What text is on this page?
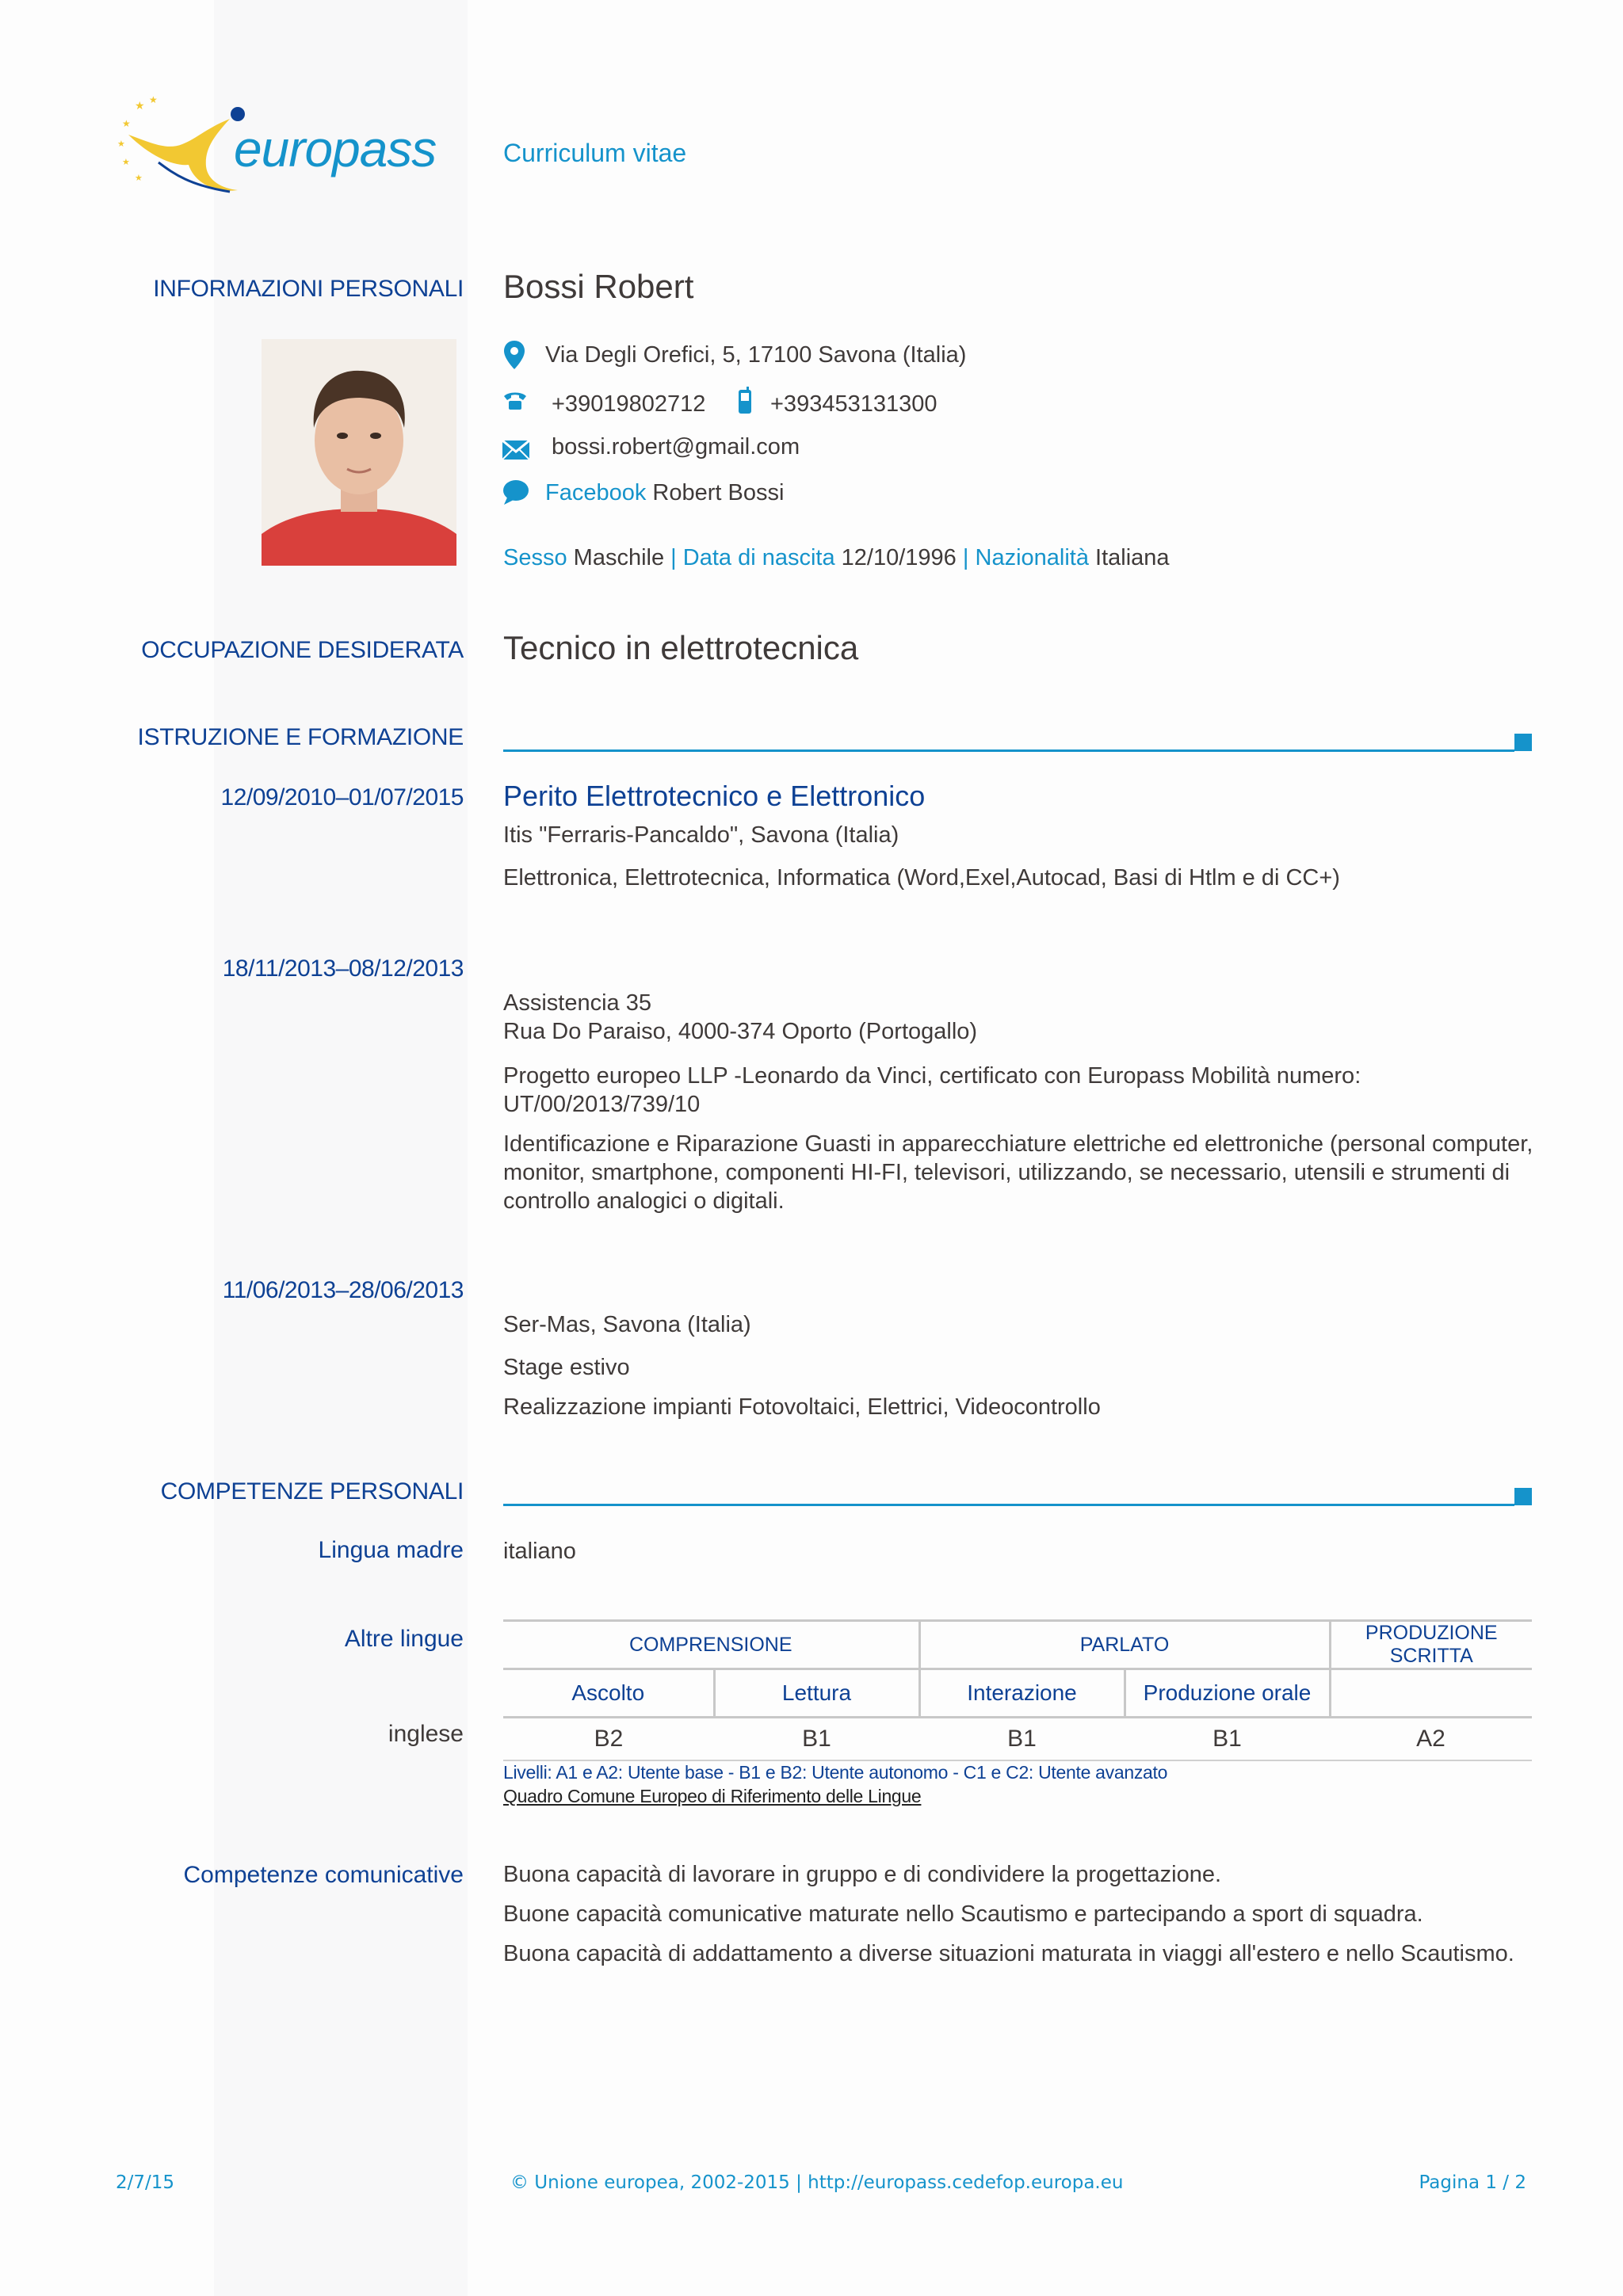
★ ★
★
★
★
★
europass	Curriculum vitae
INFORMAZIONI PERSONALI Bossi Robert
Via Degli Orefici, 5, 17100 Savona (Italia)
+39019802712	+393453131300
bossi.robert@gmail.com
Facebook Robert Bossi
Sesso Maschile | Data di nascita 12/10/1996 | Nazionalità Italiana
OCCUPAZIONE DESIDERATA Tecnico in elettrotecnica
ISTRUZIONE E FORMAZIONE
12/09/2010–01/07/2015 Perito Elettrotecnico e Elettronico
Itis "Ferraris-Pancaldo", Savona (Italia)
Elettronica, Elettrotecnica, Informatica (Word,Exel,Autocad, Basi di Htlm e di CC+)
18/11/2013–08/12/2013
Assistencia 35
Rua Do Paraiso, 4000-374 Oporto (Portogallo)
Progetto europeo LLP -Leonardo da Vinci, certificato con Europass Mobilità numero:
UT/00/2013/739/10
Identificazione e Riparazione Guasti in apparecchiature elettriche ed elettroniche (personal computer,
monitor, smartphone, componenti HI-FI, televisori, utilizzando, se necessario, utensili e strumenti di
controllo analogici o digitali.
11/06/2013–28/06/2013
Ser-Mas, Savona (Italia)
Stage estivo
Realizzazione impianti Fotovoltaici, Elettrici, Videocontrollo
COMPETENZE PERSONALI
Lingua madre italiano
Altre lingue	COMPRENSIONE		PARLATO		PRODUZIONE SCRITTA
Ascolto	Lettura	Interazione	Produzione orale	
B2	B1	B1	B1	A2
inglese
Livelli: A1 e A2: Utente base - B1 e B2: Utente autonomo - C1 e C2: Utente avanzato
Quadro Comune Europeo di Riferimento delle Lingue
Competenze comunicative Buona capacità di lavorare in gruppo e di condividere la progettazione.
Buone capacità comunicative maturate nello Scautismo e partecipando a sport di squadra.
Buona capacità di addattamento a diverse situazioni maturata in viaggi all'estero e nello Scautismo.
2/7/15	© Unione europea, 2002-2015 | http://europass.cedefop.europa.eu	Pagina 1 / 2
